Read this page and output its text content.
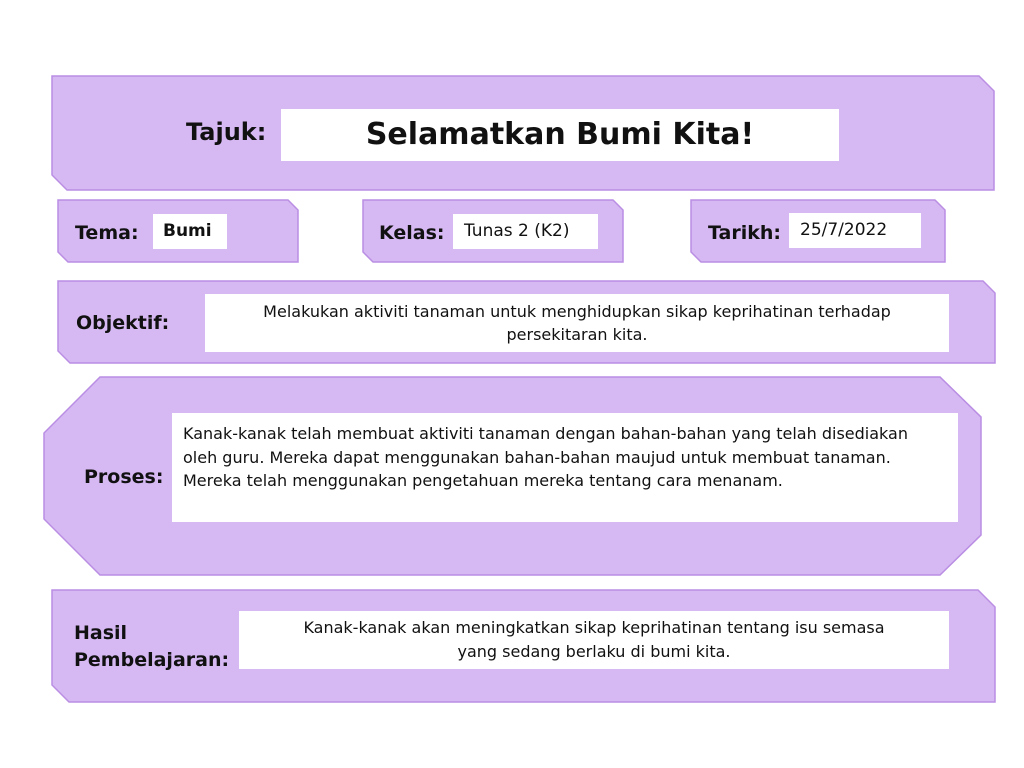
Tajuk:	Selamatkan Bumi Kita!
Tema: Bumi	Kelas: Tunas 2 (K2)	Tarikh: 25/7/2022
Objektif:
Melakukan aktiviti tanaman untuk menghidupkan sikap keprihatinan terhadap persekitaran kita.
Proses:
Kanak-kanak telah membuat aktiviti tanaman dengan bahan-bahan yang telah disediakan oleh guru. Mereka dapat menggunakan bahan-bahan maujud untuk membuat tanaman. Mereka telah menggunakan pengetahuan mereka tentang cara menanam.
Hasil
Pembelajaran:
Kanak-kanak akan meningkatkan sikap keprihatinan tentang isu semasa yang sedang berlaku di bumi kita.
